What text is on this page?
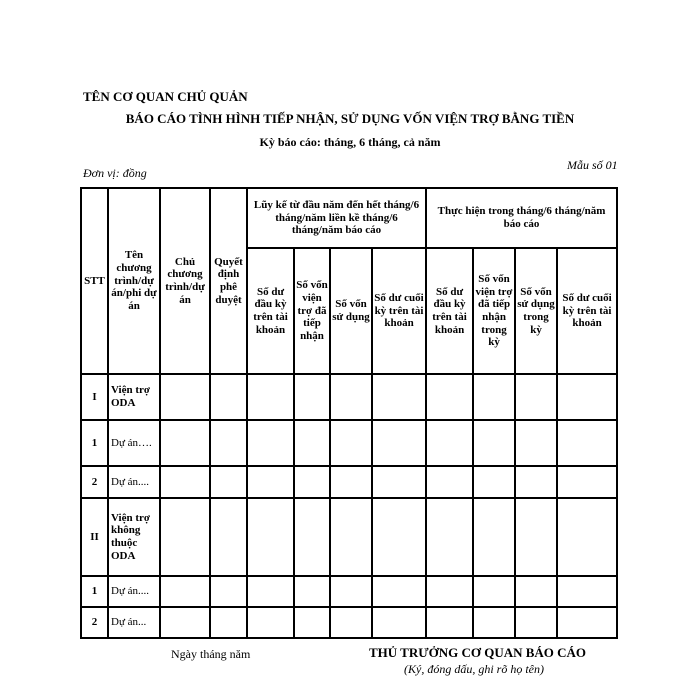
TÊN CƠ QUAN CHỦ QUẢN
BÁO CÁO TÌNH HÌNH TIẾP NHẬN, SỬ DỤNG VỐN VIỆN TRỢ BẰNG TIỀN
Kỳ báo cáo: tháng, 6 tháng, cả năm
Đơn vị: đồng
Mẫu số 01
STT	Tên chương trình/dự án/phi dự án	Chủ chương trình/dự án	Quyết định phê duyệt	Lũy kế từ đầu năm đến hết tháng/6 tháng/năm liền kề tháng/6 tháng/năm báo cáo				Thực hiện trong tháng/6 tháng/năm báo cáo			
				Số dư đầu kỳ trên tài khoản	Số vốn viện trợ đã tiếp nhận	Số vốn sử dụng	Số dư cuối kỳ trên tài khoản	Số dư đầu kỳ trên tài khoản	Số vốn viện trợ đã tiếp nhận trong kỳ	Số vốn sử dụng trong kỳ	Số dư cuối kỳ trên tài khoản
I	Viện trợ ODA										
1	Dự án….										
2	Dự án....										
II	Viện trợ không thuộc ODA										
1	Dự án....										
2	Dự án...										
Ngày tháng năm	THỦ TRƯỞNG CƠ QUAN BÁO CÁO
(Ký, đóng dấu, ghi rõ họ tên)
